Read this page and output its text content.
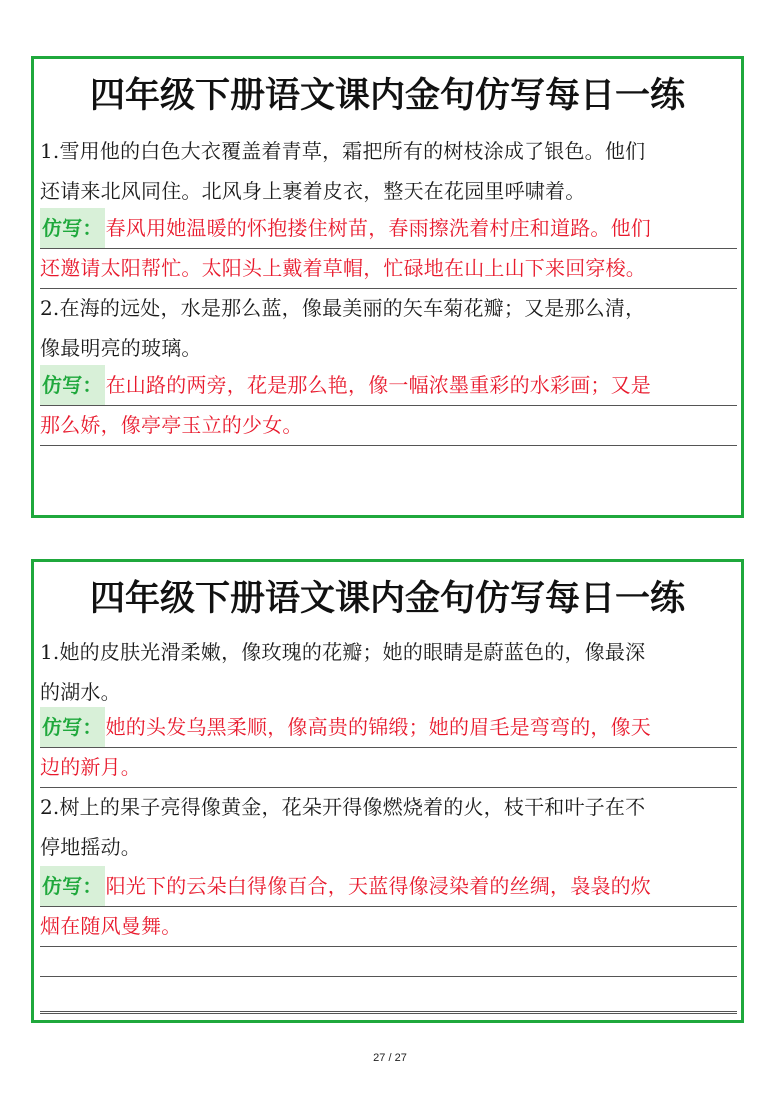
四年级下册语文课内金句仿写每日一练
1.雪用他的白色大衣覆盖着青草，霜把所有的树枝涂成了银色。他们
还请来北风同住。北风身上裹着皮衣，整天在花园里呼啸着。
仿写： 春风用她温暖的怀抱搂住树苗，春雨擦洗着村庄和道路。他们
还邀请太阳帮忙。太阳头上戴着草帽，忙碌地在山上山下来回穿梭。
2.在海的远处，水是那么蓝，像最美丽的矢车菊花瓣；又是那么清，
像最明亮的玻璃。
仿写： 在山路的两旁，花是那么艳，像一幅浓墨重彩的水彩画；又是
那么娇，像亭亭玉立的少女。
四年级下册语文课内金句仿写每日一练
1.她的皮肤光滑柔嫩，像玫瑰的花瓣；她的眼睛是蔚蓝色的，像最深
的湖水。
仿写： 她的头发乌黑柔顺，像高贵的锦缎；她的眉毛是弯弯的，像天
边的新月。
2.树上的果子亮得像黄金，花朵开得像燃烧着的火，枝干和叶子在不
停地摇动。
仿写： 阳光下的云朵白得像百合，天蓝得像浸染着的丝绸，袅袅的炊
烟在随风曼舞。
27 / 27
